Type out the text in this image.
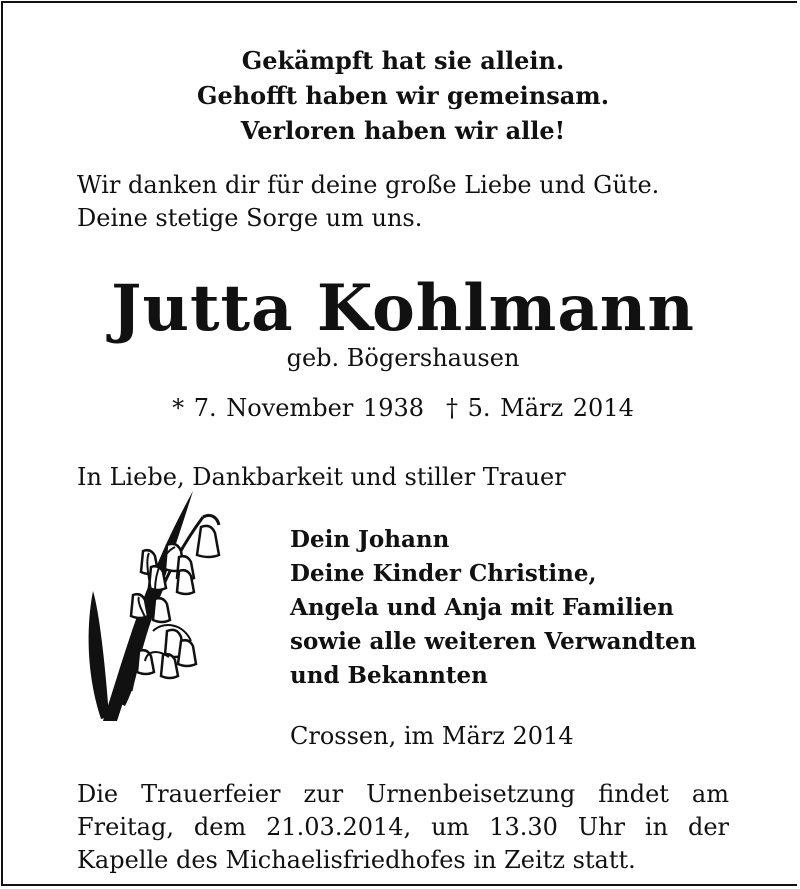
Gekämpft hat sie allein.
Gehofft haben wir gemeinsam.
Verloren haben wir alle!
Wir danken dir für deine große Liebe und Güte.
Deine stetige Sorge um uns.
Jutta Kohlmann
geb. Bögershausen
* 7. November 1938 † 5. März 2014
In Liebe, Dankbarkeit und stiller Trauer
Dein Johann
Deine Kinder Christine,
Angela und Anja mit Familien
sowie alle weiteren Verwandten
und Bekannten
Crossen, im März 2014
Die Trauerfeier zur Urnenbeisetzung findet am
Freitag, dem 21.03.2014, um 13.30 Uhr in der
Kapelle des Michaelisfriedhofes in Zeitz statt.
